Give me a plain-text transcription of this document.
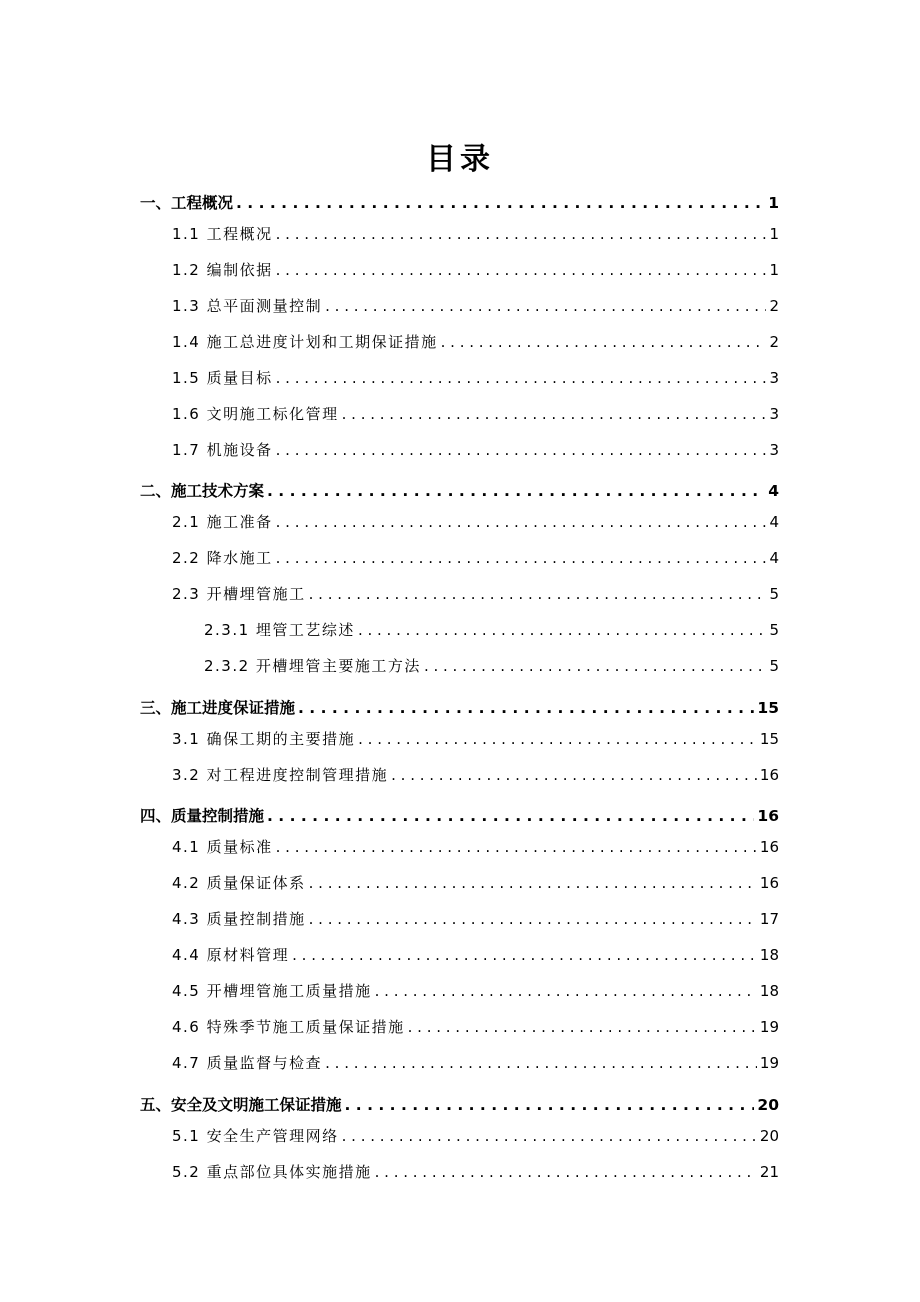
目录
一、工程概况 . . .	1
1.1 工程概况 . . .	1
1.2 编制依据 . . .	1
1.3 总平面测量控制 . . .	2
1.4 施工总进度计划和工期保证措施 . . .	2
1.5 质量目标 . . .	3
1.6 文明施工标化管理 . . .	3
1.7 机施设备 . . .	3
二、施工技术方案 . . .	4
2.1 施工准备 . . .	4
2.2 降水施工 . . .	4
2.3 开槽埋管施工 . . .	5
2.3.1 埋管工艺综述 . . .	5
2.3.2 开槽埋管主要施工方法 . . .	5
三、施工进度保证措施 . . .	15
3.1 确保工期的主要措施 . . .	15
3.2 对工程进度控制管理措施 . . .	16
四、质量控制措施 . . .	16
4.1 质量标准 . . .	16
4.2 质量保证体系 . . .	16
4.3 质量控制措施 . . .	17
4.4 原材料管理 . . .	18
4.5 开槽埋管施工质量措施 . . .	18
4.6 特殊季节施工质量保证措施 . . .	19
4.7 质量监督与检查 . . .	19
五、安全及文明施工保证措施 . . .	20
5.1 安全生产管理网络 . . .	20
5.2 重点部位具体实施措施 . . .	21
